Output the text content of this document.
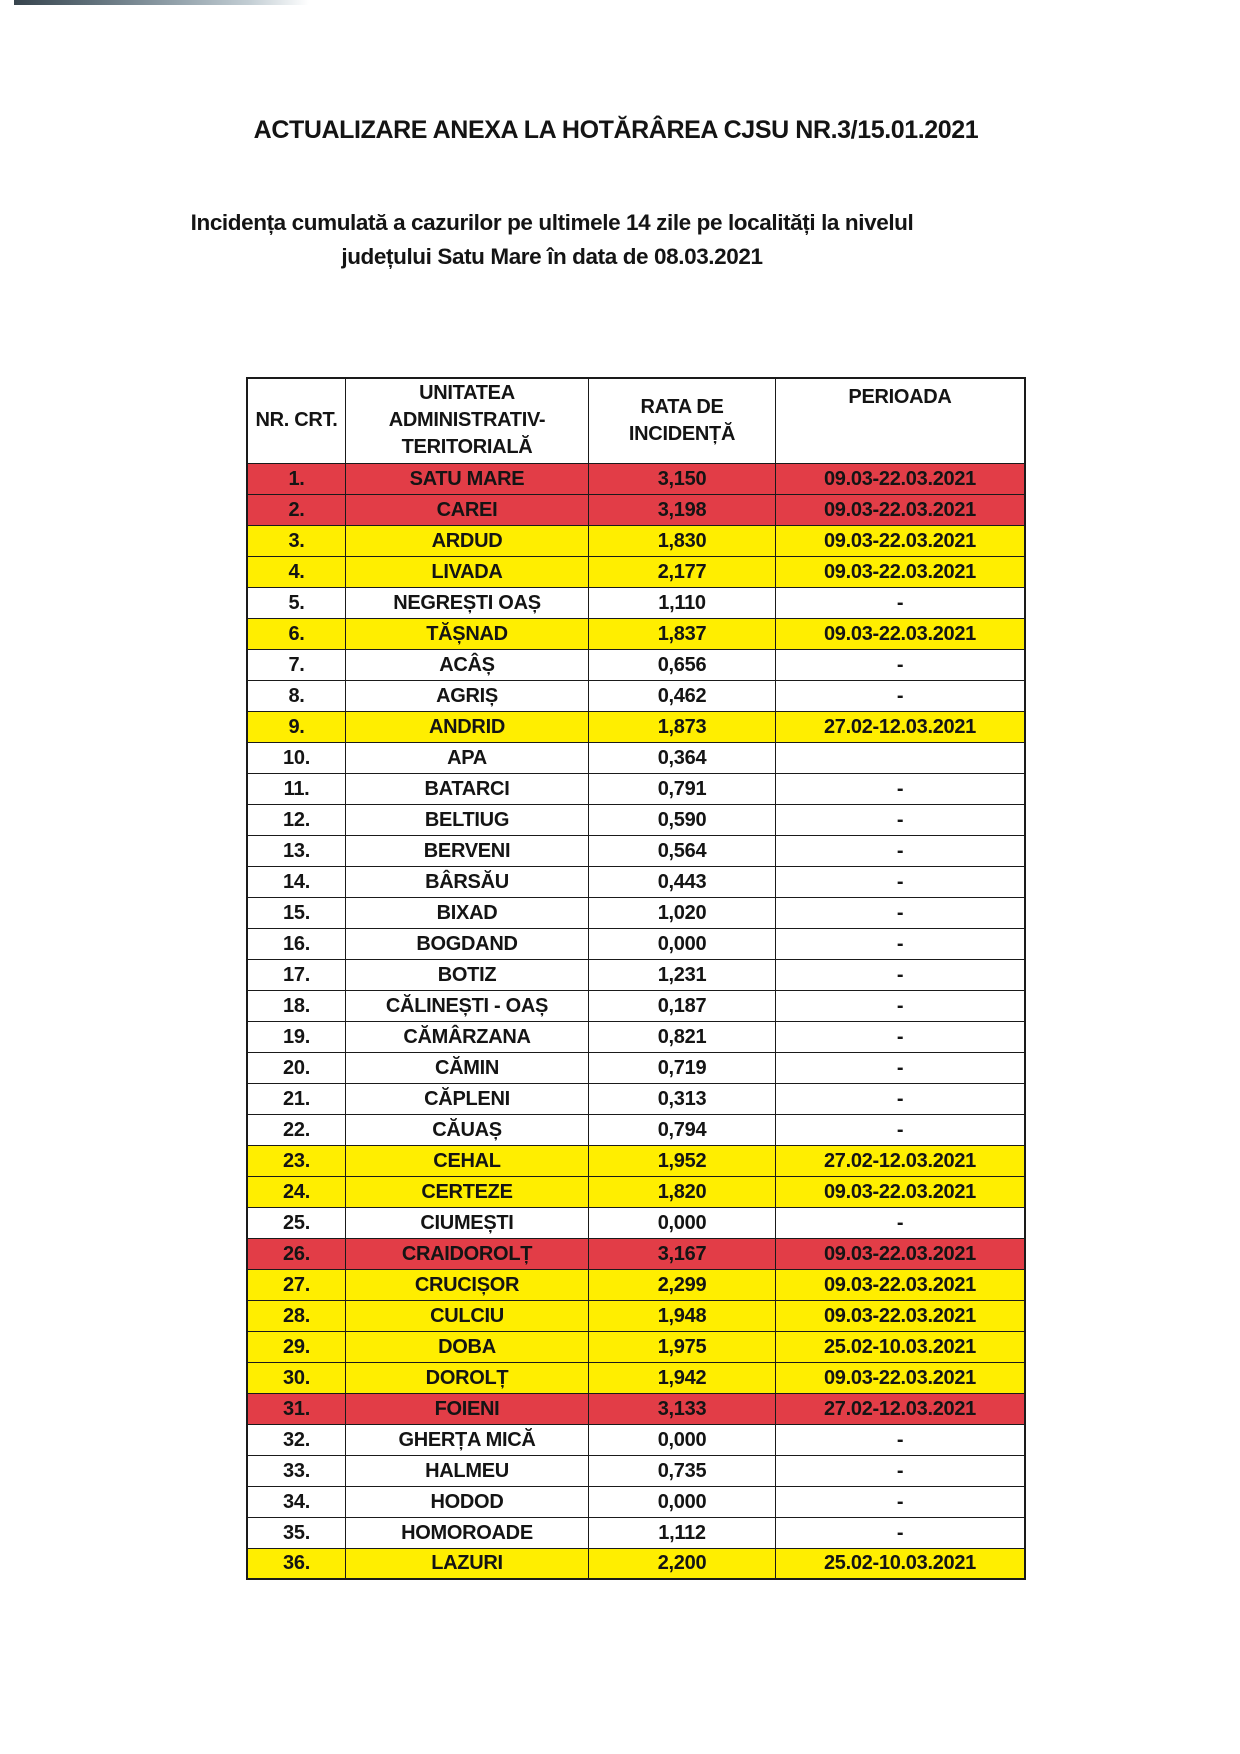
ACTUALIZARE ANEXA LA HOTĂRÂREA CJSU NR.3/15.01.2021
Incidența cumulată a cazurilor pe ultimele 14 zile pe localități la nivelul
județului Satu Mare în data de 08.03.2021
NR. CRT.	UNITATEA ADMINISTRATIV-TERITORIALĂ	RATA DE INCIDENȚĂ	PERIOADA
1.	SATU MARE	3,150	09.03-22.03.2021
2.	CAREI	3,198	09.03-22.03.2021
3.	ARDUD	1,830	09.03-22.03.2021
4.	LIVADA	2,177	09.03-22.03.2021
5.	NEGREȘTI OAȘ	1,110	-
6.	TĂȘNAD	1,837	09.03-22.03.2021
7.	ACÂȘ	0,656	-
8.	AGRIȘ	0,462	-
9.	ANDRID	1,873	27.02-12.03.2021
10.	APA	0,364	
11.	BATARCI	0,791	-
12.	BELTIUG	0,590	-
13.	BERVENI	0,564	-
14.	BÂRSĂU	0,443	-
15.	BIXAD	1,020	-
16.	BOGDAND	0,000	-
17.	BOTIZ	1,231	-
18.	CĂLINEȘTI - OAȘ	0,187	-
19.	CĂMÂRZANA	0,821	-
20.	CĂMIN	0,719	-
21.	CĂPLENI	0,313	-
22.	CĂUAȘ	0,794	-
23.	CEHAL	1,952	27.02-12.03.2021
24.	CERTEZE	1,820	09.03-22.03.2021
25.	CIUMEȘTI	0,000	-
26.	CRAIDOROLȚ	3,167	09.03-22.03.2021
27.	CRUCIȘOR	2,299	09.03-22.03.2021
28.	CULCIU	1,948	09.03-22.03.2021
29.	DOBA	1,975	25.02-10.03.2021
30.	DOROLȚ	1,942	09.03-22.03.2021
31.	FOIENI	3,133	27.02-12.03.2021
32.	GHERȚA MICĂ	0,000	-
33.	HALMEU	0,735	-
34.	HODOD	0,000	-
35.	HOMOROADE	1,112	-
36.	LAZURI	2,200	25.02-10.03.2021
